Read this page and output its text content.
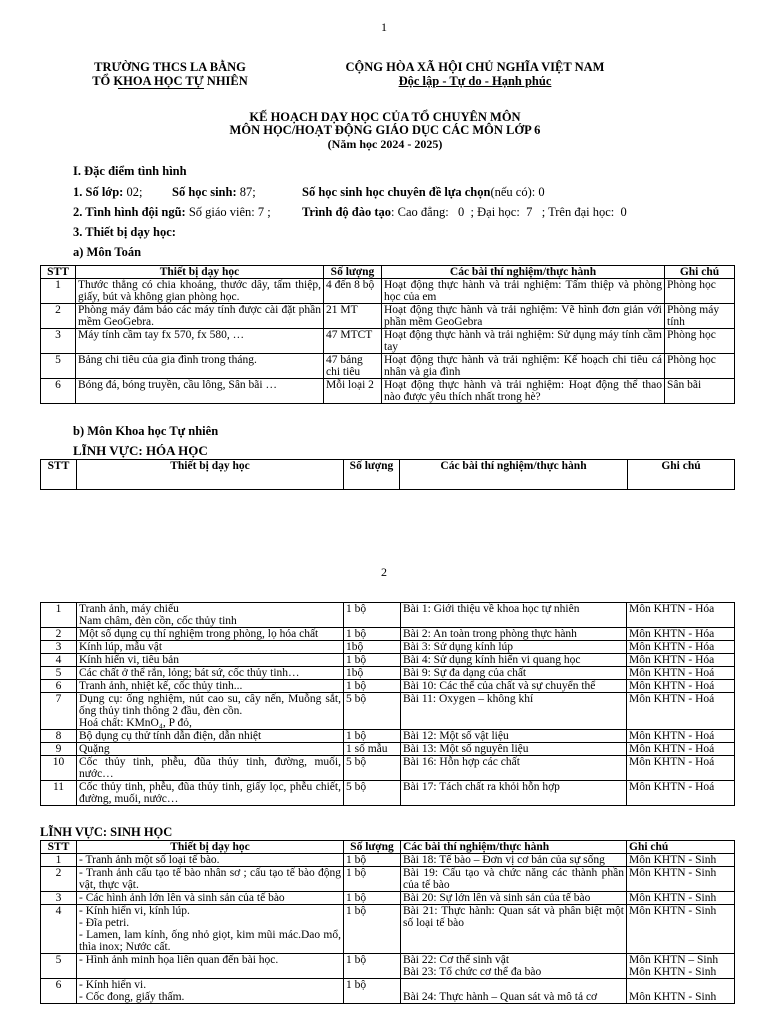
1
TRƯỜNG THCS LA BẰNG
TỔ KHOA HỌC TỰ NHIÊN
CỘNG HÒA XÃ HỘI CHỦ NGHĨA VIỆT NAM
Độc lập - Tự do - Hạnh phúc
KẾ HOẠCH DẠY HỌC CỦA TỔ CHUYÊN MÔN
MÔN HỌC/HOẠT ĐỘNG GIÁO DỤC CÁC MÔN LỚP 6
(Năm học 2024 - 2025)
I. Đặc điểm tình hình
1. Số lớp: 02; Số học sinh: 87;	Số học sinh học chuyên đề lựa chọn(nếu có): 0
2. Tình hình đội ngũ: Số giáo viên: 7 ; Trình độ đào tạo: Cao đẳng:   0  ; Đại học:  7   ; Trên đại học:  0
3. Thiết bị dạy học:
a) Môn Toán
STT	Thiết bị dạy học	Số lượng	Các bài thí nghiệm/thực hành	Ghi chú
1	Thước thẳng có chia khoảng, thước dây, tấm thiệp, giấy, bút và không gian phòng học.	4 đến 8 bộ	Hoạt động thực hành và trải nghiệm: Tấm thiệp và phòng học của em	Phòng học
2	Phòng máy đảm bảo các máy tính được cài đặt phần mềm GeoGebra.	21 MT	Hoạt động thực hành và trải nghiệm: Vẽ hình đơn giản với phần mềm GeoGebra	Phòng máy tính
3	Máy tính cầm tay fx 570, fx 580, …	47 MTCT	Hoạt động thực hành và trải nghiệm: Sử dụng máy tính cầm tay	Phòng học
5	Bảng chi tiêu của gia đình trong tháng.	47 bảng chi tiêu	Hoạt động thực hành và trải nghiệm: Kế hoạch chi tiêu cá nhân và gia đình	Phòng học
6	Bóng đá, bóng truyền, cầu lông, Sân bãi …	Mỗi loại 2	Hoạt động thực hành và trải nghiệm: Hoạt động thể thao nào được yêu thích nhất trong hè?	Sân bãi
b) Môn Khoa học Tự nhiên
LĨNH VỰC: HÓA HỌC
STT	Thiết bị dạy học	Số lượng	Các bài thí nghiệm/thực hành	Ghi chú
2
1	Tranh ảnh, máy chiếu
Nam châm, đèn cồn, cốc thủy tinh	1 bộ	Bài 1: Giới thiệu về khoa học tự nhiên	Môn KHTN - Hóa
2	Một số dụng cụ thí nghiệm trong phòng, lọ hóa chất	1 bộ	Bài 2: An toàn trong phòng thực hành	Môn KHTN - Hóa
3	Kính lúp, mẫu vật	1bộ	Bài 3: Sử dụng kính lúp	Môn KHTN - Hóa
4	Kính hiển vi, tiêu bản	1 bộ	Bài 4: Sử dụng kính hiển vi quang học	Môn KHTN - Hóa
5	Các chất ở thể rắn, lỏng; bát sứ, cốc thủy tinh…	1bộ	Bài 9: Sự đa dạng của chất	Môn KHTN - Hoá
6	Tranh ảnh, nhiệt kế, cốc thủy tinh...	1 bộ	Bài 10: Các thể của chất và sự chuyển thể	Môn KHTN - Hoá
7	Dụng cụ: ống nghiệm, nút cao su, cây nến, Muỗng sắt, ống thủy tinh thông 2 đầu, đèn cồn.
Hoá chất: KMnO₄, P đỏ,	5 bộ	Bài 11: Oxygen – không khí	Môn KHTN - Hoá
8	Bộ dụng cụ thử tính dẫn điện, dẫn nhiệt	1 bộ	Bài 12: Một số vật liệu	Môn KHTN - Hoá
9	Quặng	1 số mẫu	Bài 13: Một số nguyên liệu	Môn KHTN - Hoá
10	Cốc thủy tinh, phễu, đũa thủy tinh, đường, muối, nước…	5 bộ	Bài 16: Hỗn hợp các chất	Môn KHTN - Hoá
11	Cốc thủy tinh, phễu, đũa thủy tinh, giấy lọc, phễu chiết, đường, muối, nước…	5 bộ	Bài 17: Tách chất ra khỏi hỗn hợp	Môn KHTN - Hoá
LĨNH VỰC: SINH HỌC
STT	Thiết bị dạy học	Số lượng	Các bài thí nghiệm/thực hành	Ghi chú
1	- Tranh ảnh một số loại tế bào.	1 bộ	Bài 18: Tế bào – Đơn vị cơ bản của sự sống	Môn KHTN - Sinh
2	- Tranh ảnh cấu tạo tế bào nhân sơ ; cấu tạo tế bào động vật, thực vật.	1 bộ	Bài 19: Cấu tạo và chức năng các thành phần của tế bào	Môn KHTN - Sinh
3	- Các hình ảnh lớn lên và sinh sản của tế bào	1 bộ	Bài 20: Sự lớn lên và sinh sản của tế bào	Môn KHTN - Sinh
4	- Kính hiển vi, kính lúp.
- Đĩa petri.
- Lamen, lam kính, ống nhỏ giọt, kim mũi mác.Dao mổ, thìa inox; Nước cất.	1 bộ	Bài 21: Thực hành: Quan sát và phân biệt một số loại tế bào	Môn KHTN - Sinh
5	- Hình ảnh minh họa liên quan đến bài học.	1 bộ	Bài 22: Cơ thể sinh vật
Bài 23: Tổ chức cơ thể đa bào	Môn KHTN – Sinh
Môn KHTN - Sinh
6	- Kính hiển vi.
- Cốc đong, giấy thấm.	1 bộ	
Bài 24: Thực hành – Quan sát và mô tả cơ	
Môn KHTN - Sinh
